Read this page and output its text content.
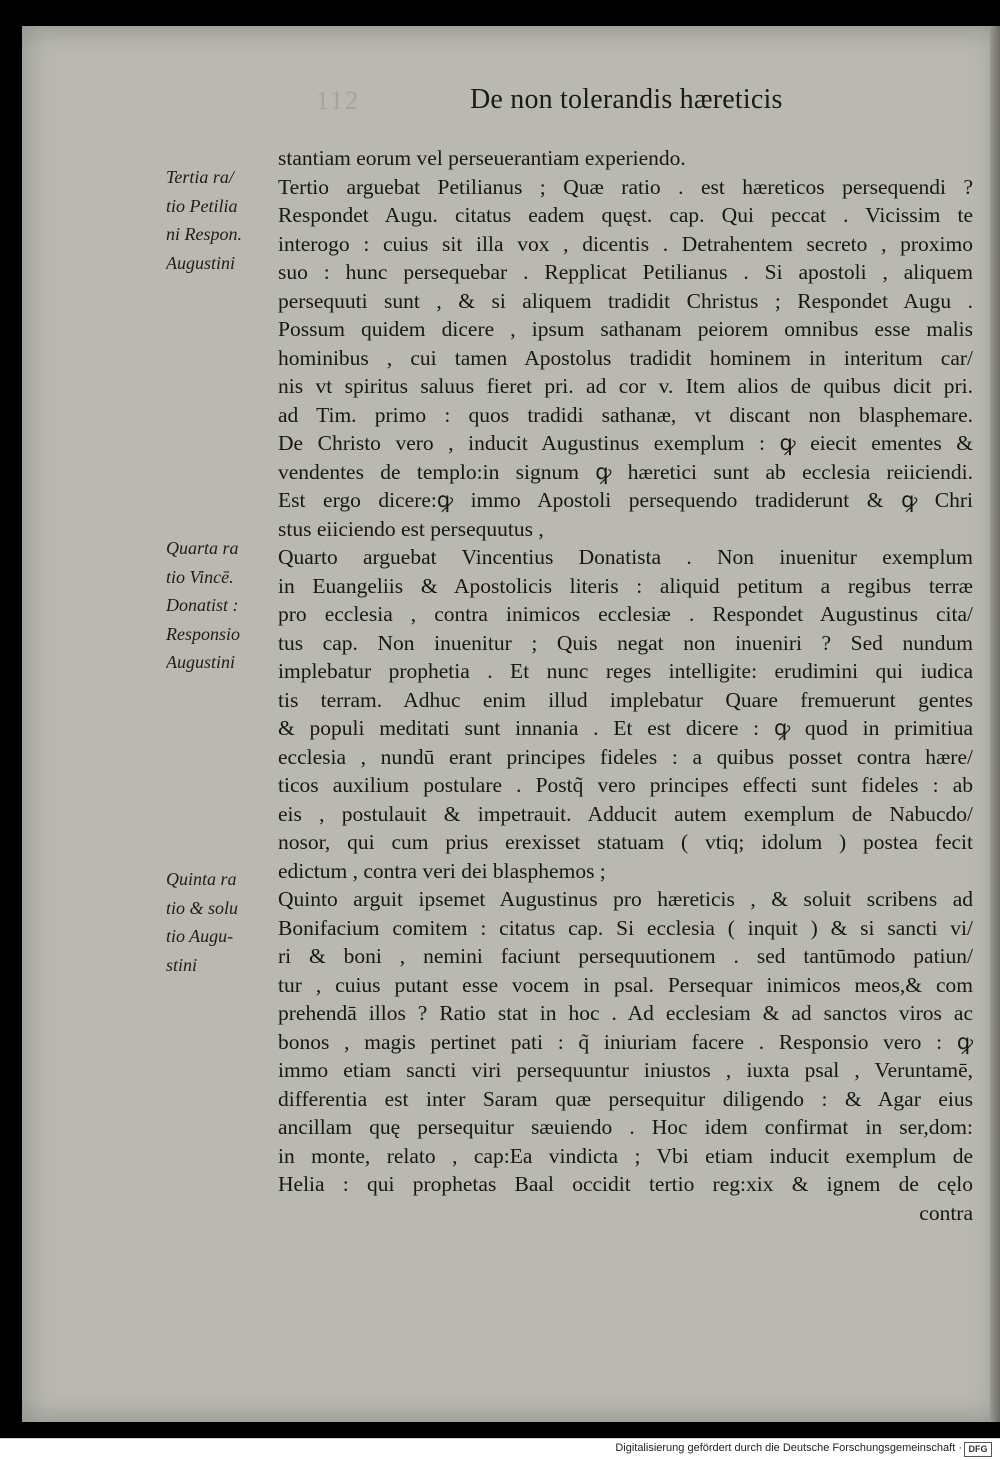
112	De non tolerandis hæreticis
Tertia ra/
tio Petilia
ni Respon.
Augustini
Quarta ra
tio Vincē.
Donatist :
Responsio
Augustini
Quinta ra
tio & solu
tio Augu-
stini
stantiam eorum vel perseuerantiam experiendo.
Tertio arguebat Petilianus ; Quæ ratio . est hæreticos persequendi ?
Respondet Augu. citatus eadem quęst. cap. Qui peccat . Vicissim te
interogo : cuius sit illa vox , dicentis . Detrahentem secreto , proximo
suo : hunc persequebar . Repplicat Petilianus . Si apostoli , aliquem
persequuti sunt , & si aliquem tradidit Christus ; Respondet Augu .
Possum quidem dicere , ipsum sathanam peiorem omnibus esse malis
hominibus , cui tamen Apostolus tradidit hominem in interitum car/
nis vt spiritus saluus fieret pri. ad cor v. Item alios de quibus dicit pri.
ad Tim. primo : quos tradidi sathanæ, vt discant non blasphemare.
De Christo vero , inducit Augustinus exemplum : ꝙ eiecit ementes &
vendentes de templo:in signum ꝙ hæretici sunt ab ecclesia reiiciendi.
Est ergo dicere:ꝙ immo Apostoli persequendo tradiderunt & ꝙ Chri
stus eiiciendo est persequutus ,
Quarto arguebat Vincentius Donatista . Non inuenitur exemplum
in Euangeliis & Apostolicis literis : aliquid petitum a regibus terræ
pro ecclesia , contra inimicos ecclesiæ . Respondet Augustinus cita/
tus cap. Non inuenitur ; Quis negat non inueniri ? Sed nundum
implebatur prophetia . Et nunc reges intelligite: erudimini qui iudica
tis terram. Adhuc enim illud implebatur Quare fremuerunt gentes
& populi meditati sunt innania . Et est dicere : ꝙ quod in primitiua
ecclesia , nundū erant principes fideles : a quibus posset contra hære/
ticos auxilium postulare . Postq̃ vero principes effecti sunt fideles : ab
eis , postulauit & impetrauit. Adducit autem exemplum de Nabucdo/
nosor, qui cum prius erexisset statuam ( vtiq; idolum ) postea fecit
edictum , contra veri dei blasphemos ;
Quinto arguit ipsemet Augustinus pro hæreticis , & soluit scribens ad
Bonifacium comitem : citatus cap. Si ecclesia ( inquit ) & si sancti vi/
ri & boni , nemini faciunt persequutionem . sed tantūmodo patiun/
tur , cuius putant esse vocem in psal. Persequar inimicos meos,& com
prehendā illos ? Ratio stat in hoc . Ad ecclesiam & ad sanctos viros ac
bonos , magis pertinet pati : q̃ iniuriam facere . Responsio vero : ꝙ
immo etiam sancti viri persequuntur iniustos , iuxta psal , Veruntamē,
differentia est inter Saram quæ persequitur diligendo : & Agar eius
ancillam quę persequitur sæuiendo . Hoc idem confirmat in ser,dom:
in monte, relato , cap:Ea vindicta ; Vbi etiam inducit exemplum de
Helia : qui prophetas Baal occidit tertio reg:xix & ignem de cęlo
contra
Digitalisierung gefördert durch die Deutsche Forschungsgemeinschaft · DFG
